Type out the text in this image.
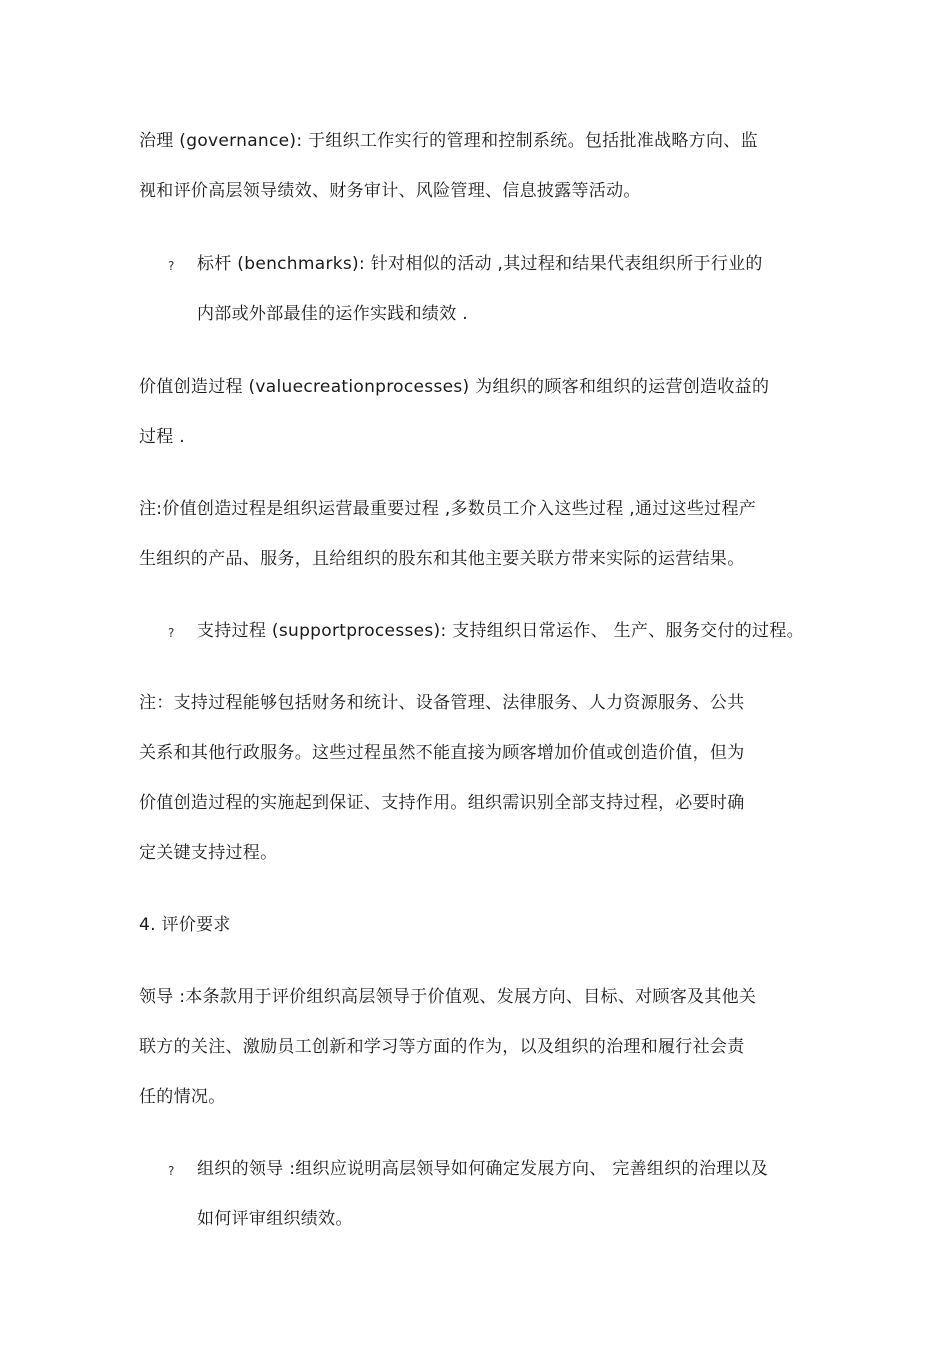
治理 (governance): 于组织工作实行的管理和控制系统。包括批准战略方向、监
视和评价高层领导绩效、财务审计、风险管理、信息披露等活动。
? 标杆 (benchmarks): 针对相似的活动 ,其过程和结果代表组织所于行业的
内部或外部最佳的运作实践和绩效 .
价值创造过程 (valuecreationprocesses) 为组织的顾客和组织的运营创造收益的
过程 .
注:价值创造过程是组织运营最重要过程 ,多数员工介入这些过程 ,通过这些过程产
生组织的产品、服务，且给组织的股东和其他主要关联方带来实际的运营结果。
? 支持过程 (supportprocesses): 支持组织日常运作、 生产、服务交付的过程。
注：支持过程能够包括财务和统计、设备管理、法律服务、人力资源服务、公共
关系和其他行政服务。这些过程虽然不能直接为顾客增加价值或创造价值，但为
价值创造过程的实施起到保证、支持作用。组织需识别全部支持过程，必要时确
定关键支持过程。
4. 评价要求
领导 :本条款用于评价组织高层领导于价值观、发展方向、目标、对顾客及其他关
联方的关注、激励员工创新和学习等方面的作为，以及组织的治理和履行社会责
任的情况。
? 组织的领导 :组织应说明高层领导如何确定发展方向、 完善组织的治理以及
如何评审组织绩效。
